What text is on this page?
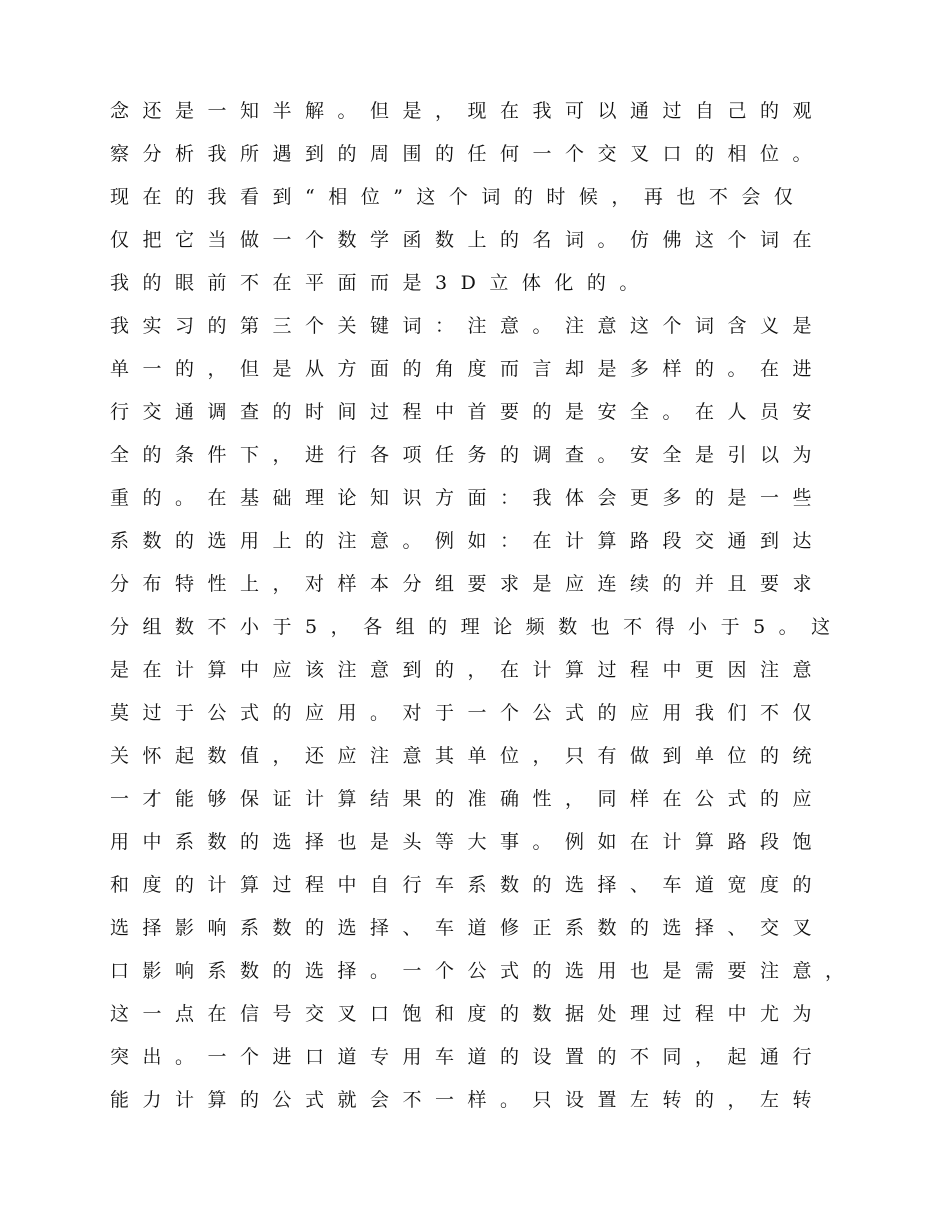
念还是一知半解。但是，现在我可以通过自己的观
察分析我所遇到的周围的任何一个交叉口的相位。
现在的我看到“相位”这个词的时候，再也不会仅
仅把它当做一个数学函数上的名词。仿佛这个词在
我的眼前不在平面而是3D立体化的。
我实习的第三个关键词：注意。注意这个词含义是
单一的，但是从方面的角度而言却是多样的。在进
行交通调查的时间过程中首要的是安全。在人员安
全的条件下，进行各项任务的调查。安全是引以为
重的。在基础理论知识方面：我体会更多的是一些
系数的选用上的注意。例如：在计算路段交通到达
分布特性上，对样本分组要求是应连续的并且要求
分组数不小于5，各组的理论频数也不得小于5。这
是在计算中应该注意到的，在计算过程中更因注意
莫过于公式的应用。对于一个公式的应用我们不仅
关怀起数值，还应注意其单位，只有做到单位的统
一才能够保证计算结果的准确性，同样在公式的应
用中系数的选择也是头等大事。例如在计算路段饱
和度的计算过程中自行车系数的选择、车道宽度的
选择影响系数的选择、车道修正系数的选择、交叉
口影响系数的选择。一个公式的选用也是需要注意，
这一点在信号交叉口饱和度的数据处理过程中尤为
突出。一个进口道专用车道的设置的不同，起通行
能力计算的公式就会不一样。只设置左转的，左转
